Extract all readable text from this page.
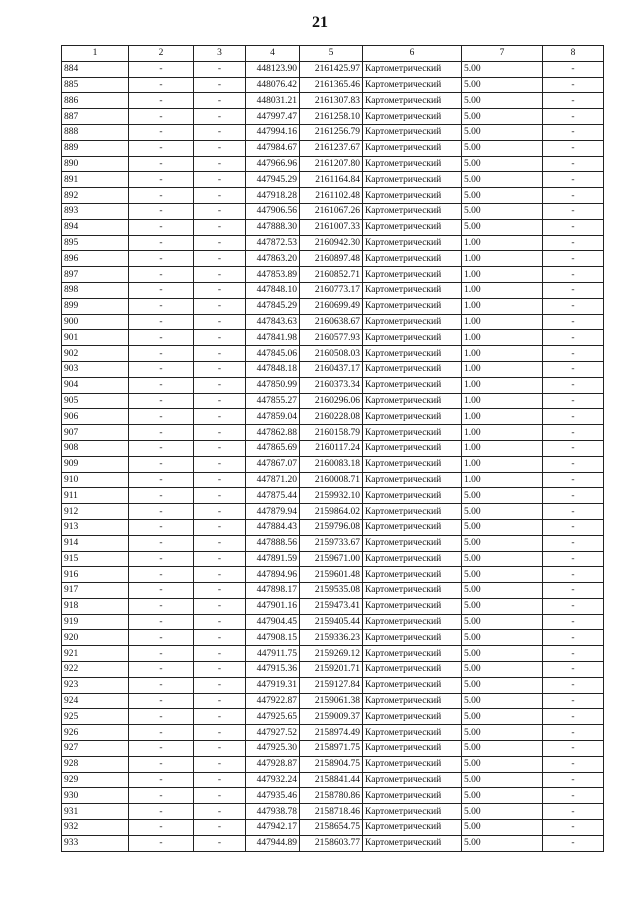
21
1	2	3	4	5	6	7	8
884	-	-	448123.90	2161425.97	Картометрический	5.00	-
885	-	-	448076.42	2161365.46	Картометрический	5.00	-
886	-	-	448031.21	2161307.83	Картометрический	5.00	-
887	-	-	447997.47	2161258.10	Картометрический	5.00	-
888	-	-	447994.16	2161256.79	Картометрический	5.00	-
889	-	-	447984.67	2161237.67	Картометрический	5.00	-
890	-	-	447966.96	2161207.80	Картометрический	5.00	-
891	-	-	447945.29	2161164.84	Картометрический	5.00	-
892	-	-	447918.28	2161102.48	Картометрический	5.00	-
893	-	-	447906.56	2161067.26	Картометрический	5.00	-
894	-	-	447888.30	2161007.33	Картометрический	5.00	-
895	-	-	447872.53	2160942.30	Картометрический	1.00	-
896	-	-	447863.20	2160897.48	Картометрический	1.00	-
897	-	-	447853.89	2160852.71	Картометрический	1.00	-
898	-	-	447848.10	2160773.17	Картометрический	1.00	-
899	-	-	447845.29	2160699.49	Картометрический	1.00	-
900	-	-	447843.63	2160638.67	Картометрический	1.00	-
901	-	-	447841.98	2160577.93	Картометрический	1.00	-
902	-	-	447845.06	2160508.03	Картометрический	1.00	-
903	-	-	447848.18	2160437.17	Картометрический	1.00	-
904	-	-	447850.99	2160373.34	Картометрический	1.00	-
905	-	-	447855.27	2160296.06	Картометрический	1.00	-
906	-	-	447859.04	2160228.08	Картометрический	1.00	-
907	-	-	447862.88	2160158.79	Картометрический	1.00	-
908	-	-	447865.69	2160117.24	Картометрический	1.00	-
909	-	-	447867.07	2160083.18	Картометрический	1.00	-
910	-	-	447871.20	2160008.71	Картометрический	1.00	-
911	-	-	447875.44	2159932.10	Картометрический	5.00	-
912	-	-	447879.94	2159864.02	Картометрический	5.00	-
913	-	-	447884.43	2159796.08	Картометрический	5.00	-
914	-	-	447888.56	2159733.67	Картометрический	5.00	-
915	-	-	447891.59	2159671.00	Картометрический	5.00	-
916	-	-	447894.96	2159601.48	Картометрический	5.00	-
917	-	-	447898.17	2159535.08	Картометрический	5.00	-
918	-	-	447901.16	2159473.41	Картометрический	5.00	-
919	-	-	447904.45	2159405.44	Картометрический	5.00	-
920	-	-	447908.15	2159336.23	Картометрический	5.00	-
921	-	-	447911.75	2159269.12	Картометрический	5.00	-
922	-	-	447915.36	2159201.71	Картометрический	5.00	-
923	-	-	447919.31	2159127.84	Картометрический	5.00	-
924	-	-	447922.87	2159061.38	Картометрический	5.00	-
925	-	-	447925.65	2159009.37	Картометрический	5.00	-
926	-	-	447927.52	2158974.49	Картометрический	5.00	-
927	-	-	447925.30	2158971.75	Картометрический	5.00	-
928	-	-	447928.87	2158904.75	Картометрический	5.00	-
929	-	-	447932.24	2158841.44	Картометрический	5.00	-
930	-	-	447935.46	2158780.86	Картометрический	5.00	-
931	-	-	447938.78	2158718.46	Картометрический	5.00	-
932	-	-	447942.17	2158654.75	Картометрический	5.00	-
933	-	-	447944.89	2158603.77	Картометрический	5.00	-
